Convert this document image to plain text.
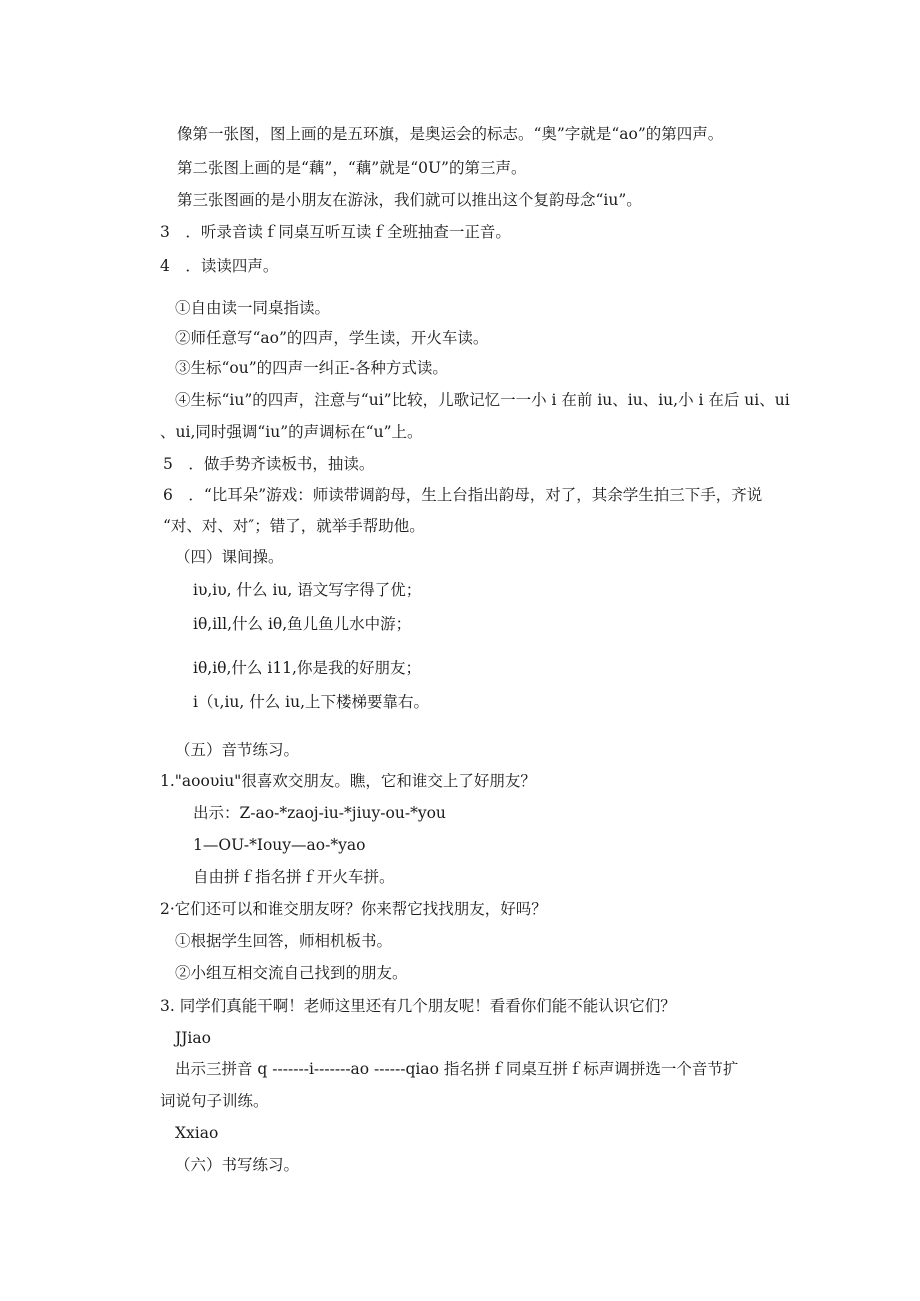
像第一张图，图上画的是五环旗，是奥运会的标志。“奥”字就是“ao”的第四声。
第二张图上画的是“藕”，“藕”就是“0U”的第三声。
第三张图画的是小朋友在游泳，我们就可以推出这个复韵母念“iu”。
3　．听录音读ｆ同桌互听互读ｆ全班抽查一正音。
4　．读读四声。
①自由读一同桌指读。
②师任意写“ao”的四声，学生读，开火车读。
③生标“ou”的四声一纠正-各种方式读。
④生标“iu”的四声，注意与“ui”比较，儿歌记忆一一小 i 在前 iu、iu、iu,小 i 在后 ui、ui
、ui,同时强调“iu”的声调标在“u”上。
5　．做手势齐读板书，抽读。
6　．“比耳朵”游戏：师读带调韵母，生上台指出韵母，对了，其余学生拍三下手，齐说
“对、对、对″；错了，就举手帮助他。
（四）课间操。
iυ,iυ, 什么 iu, 语文写字得了优；
iθ,ill,什么 iθ,鱼儿鱼儿水中游；
iθ,iθ,什么 i11,你是我的好朋友；
i（ι,iu, 什么 iu,上下楼梯要靠右。
（五）音节练习。
1."aoουiu"很喜欢交朋友。瞧，它和谁交上了好朋友？
出示：Z-ao-*zaoj-iu-*jiuy-ou-*you
1—OU-*Iouy—ao-*yao
自由拼ｆ指名拼ｆ开火车拼。
2·它们还可以和谁交朋友呀？你来帮它找找朋友，好吗？
①根据学生回答，师相机板书。
②小组互相交流自己找到的朋友。
3. 同学们真能干啊！老师这里还有几个朋友呢！看看你们能不能认识它们？
JJiao
出示三拼音 q -------i-------ao ------qiao 指名拼ｆ同桌互拼ｆ标声调拼选一个音节扩
词说句子训练。
Xxiao
（六）书写练习。
